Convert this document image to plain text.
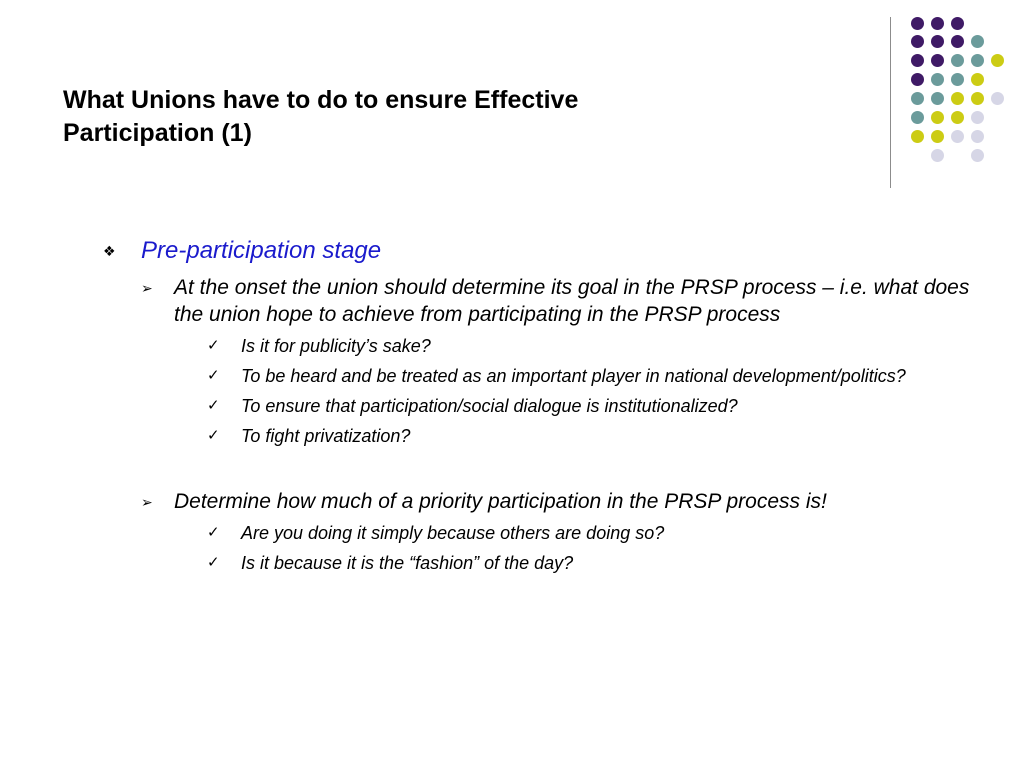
What Unions have to do to ensure Effective
Participation (1)
❖ Pre-participation stage
➢ At the onset the union should determine its goal in the PRSP process – i.e. what does the union hope to achieve from participating in the PRSP process
✓ Is it for publicity’s sake?
✓ To be heard and be treated as an important player in national development/politics?
✓ To ensure that participation/social dialogue is institutionalized?
✓ To fight privatization?
➢ Determine how much of a priority participation in the PRSP process is!
✓ Are you doing it simply because others are doing so?
✓ Is it because it is the “fashion” of the day?
